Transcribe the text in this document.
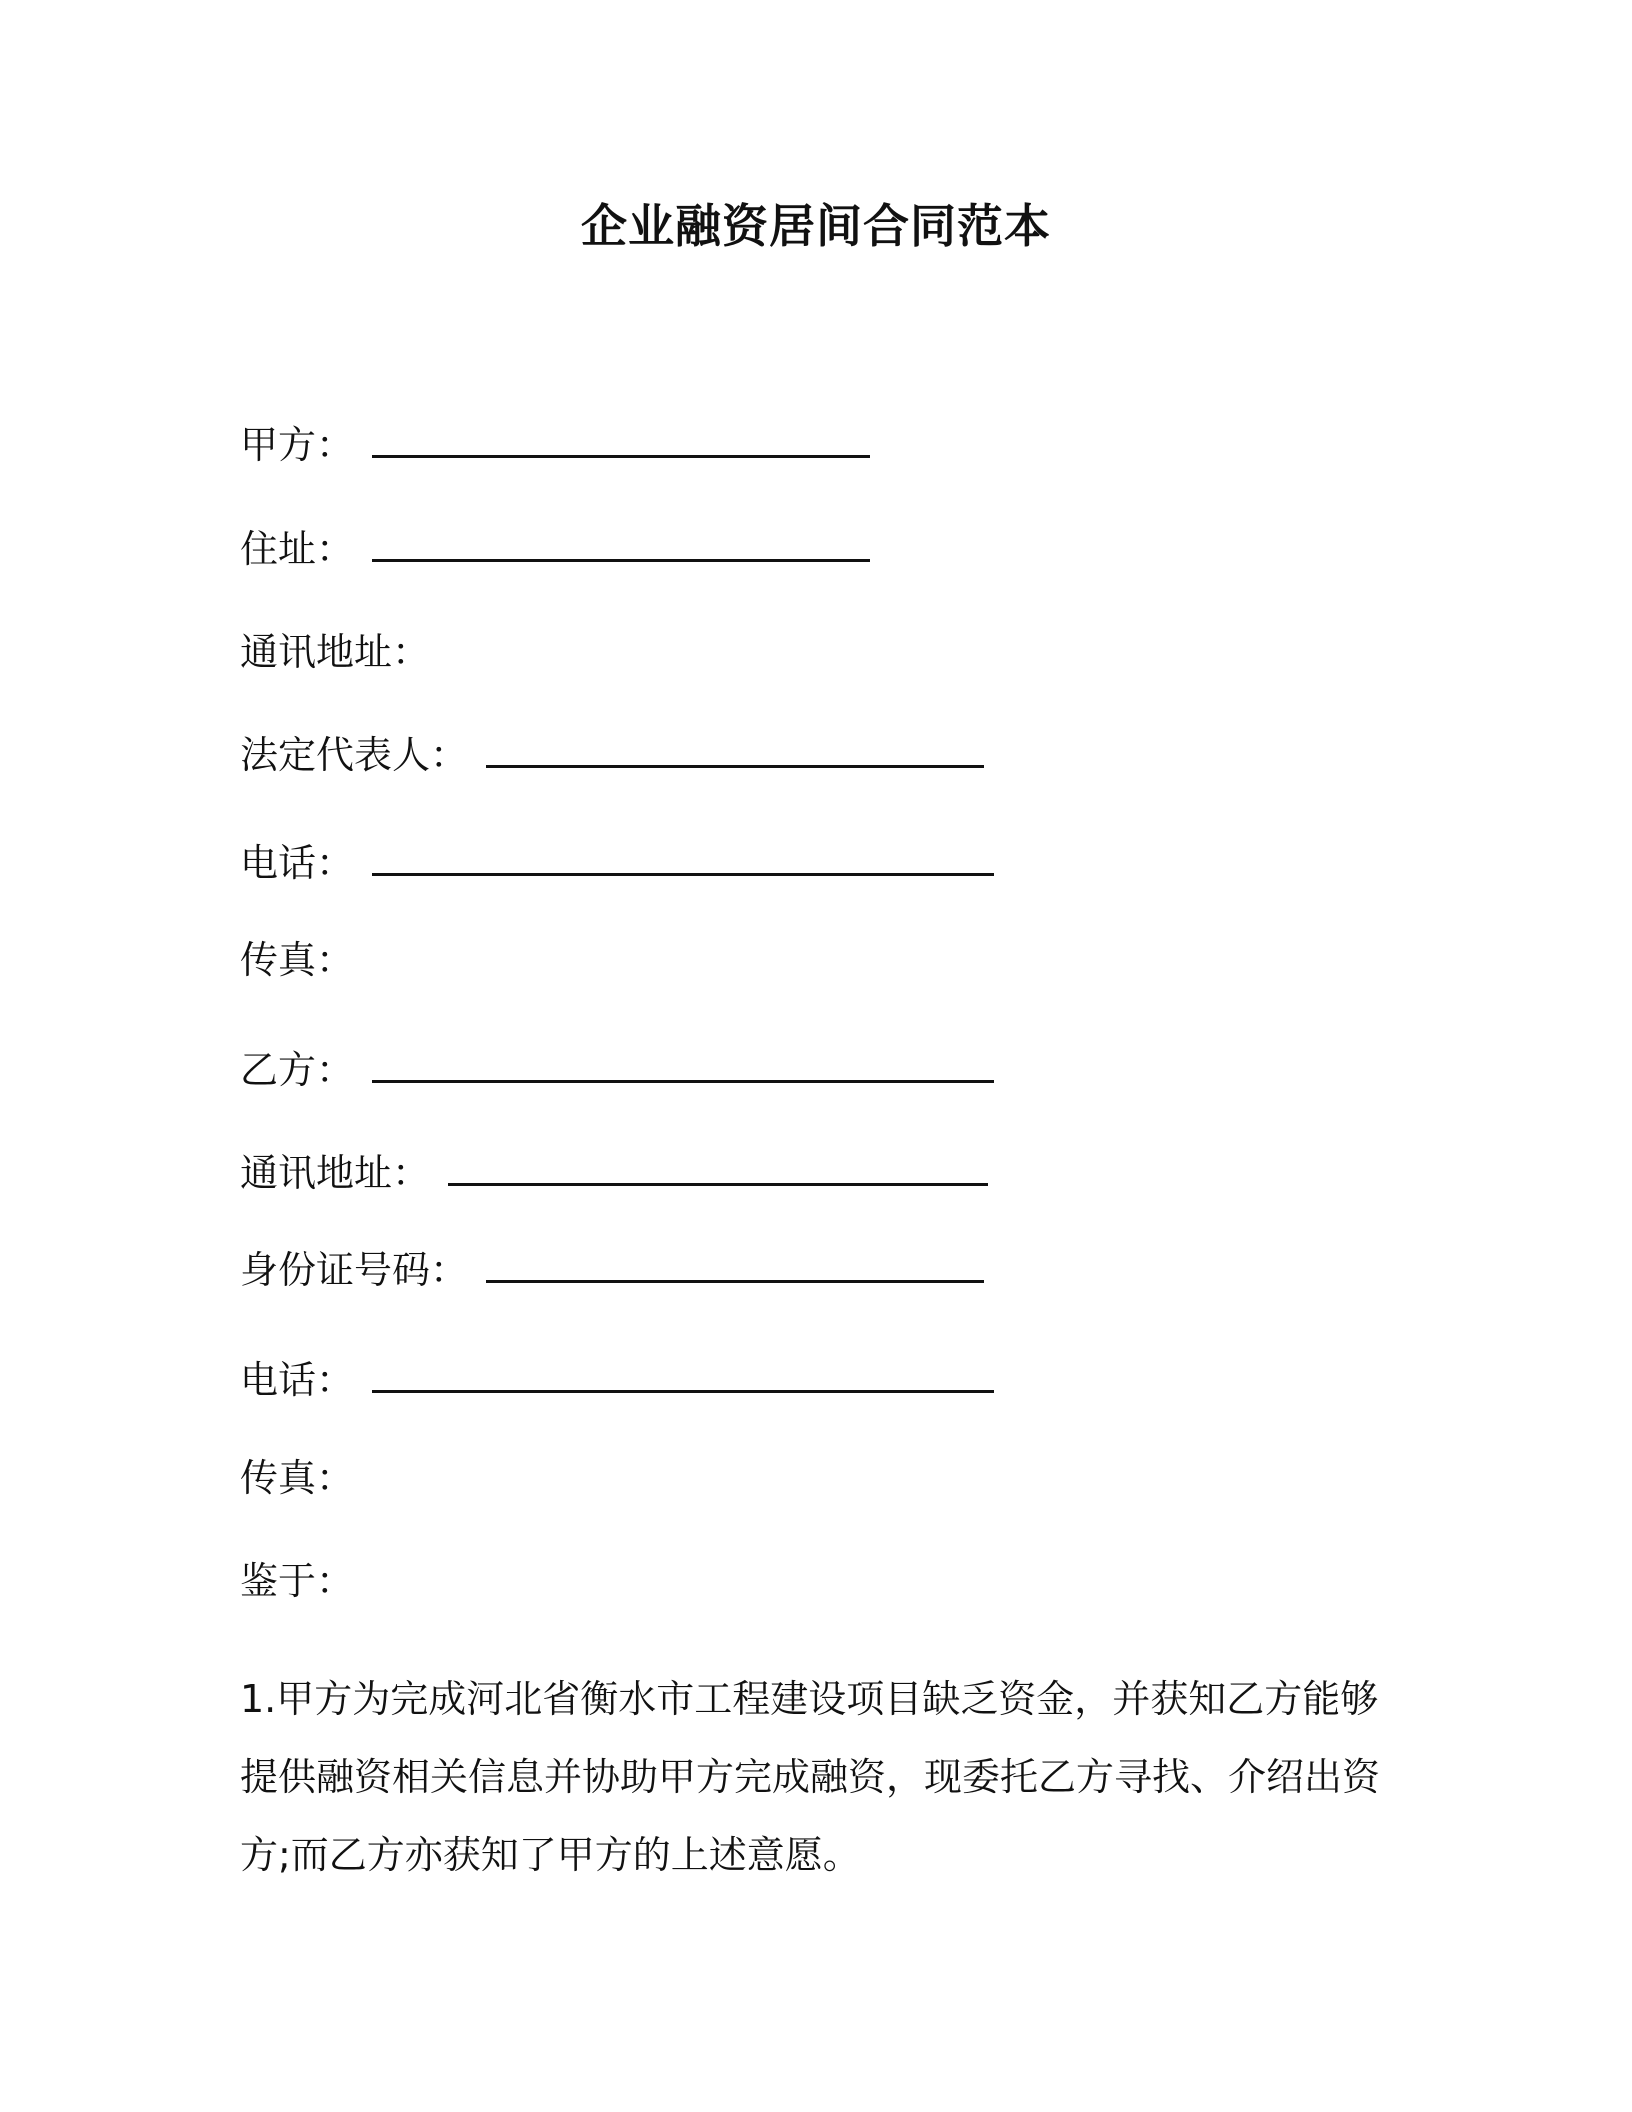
企业融资居间合同范本
甲方：
住址：
通讯地址：
法定代表人：
电话：
传真：
乙方：
通讯地址：
身份证号码：
电话：
传真：
鉴于：
1.甲方为完成河北省衡水市工程建设项目缺乏资金，并获知乙方能够
提供融资相关信息并协助甲方完成融资，现委托乙方寻找、介绍出资
方;而乙方亦获知了甲方的上述意愿。
